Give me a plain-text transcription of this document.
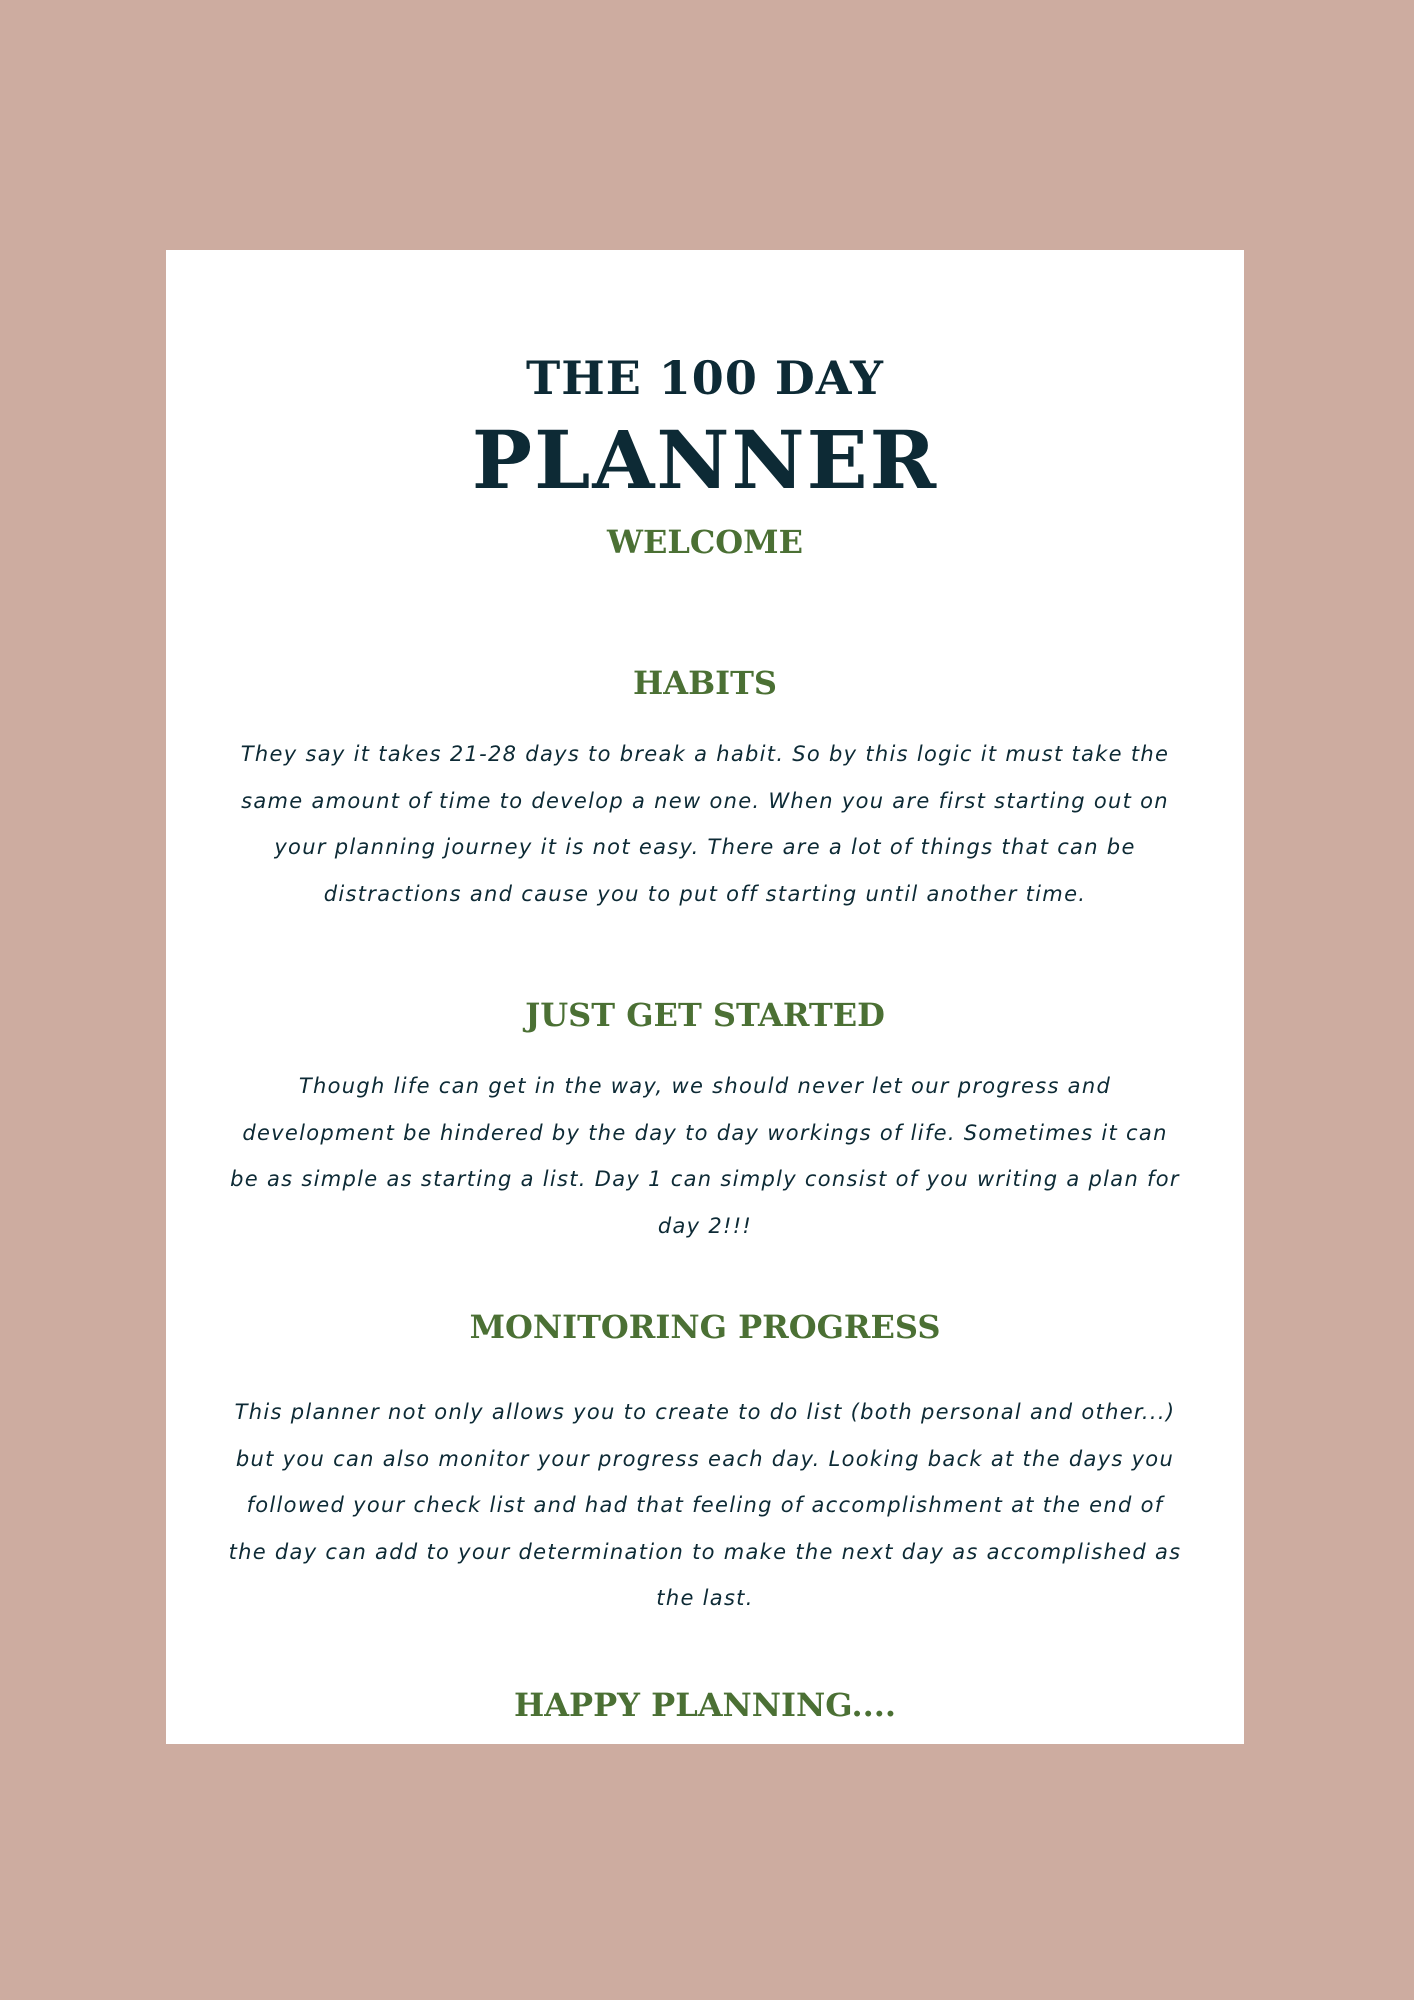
THE 100 DAY
PLANNER
WELCOME
HABITS

They say it takes 21-28 days to break a habit. So by this logic it must take the same amount of time to develop a new one. When you are first starting out on your planning journey it is not easy. There are a lot of things that can be distractions and cause you to put off starting until another time.

JUST GET STARTED

Though life can get in the way, we should never let our progress and development be hindered by the day to day workings of life. Sometimes it can be as simple as starting a list. Day 1 can simply consist of you writing a plan for day 2!!!

MONITORING PROGRESS

This planner not only allows you to create to do list (both personal and other...) but you can also monitor your progress each day. Looking back at the days you followed your check list and had that feeling of accomplishment at the end of the day can add to your determination to make the next day as accomplished as the last.

HAPPY PLANNING....
